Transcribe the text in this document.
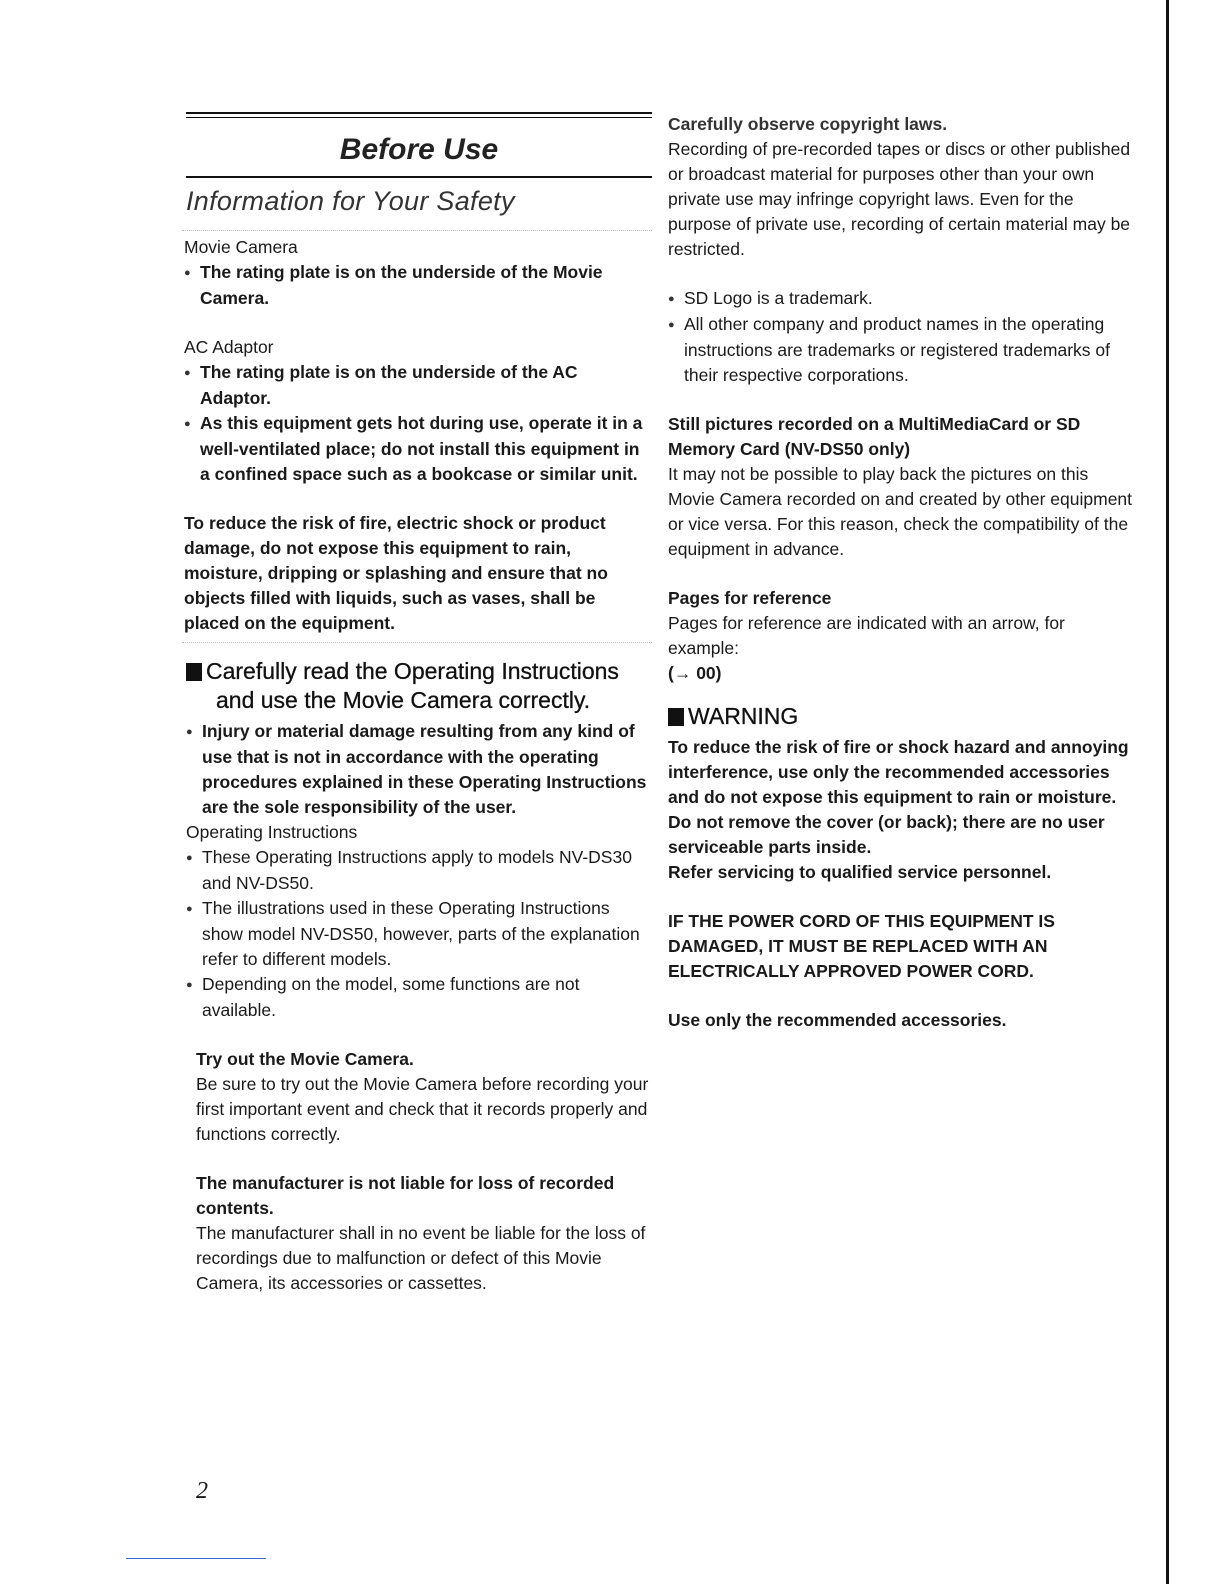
Before Use
Information for Your Safety

Movie Camera

● The rating plate is on the underside of the Movie Camera.

AC Adaptor

● The rating plate is on the underside of the AC Adaptor.

● As this equipment gets hot during use, operate it in a well-ventilated place; do not install this equipment in a confined space such as a bookcase or similar unit.

To reduce the risk of fire, electric shock or product damage, do not expose this equipment to rain, moisture, dripping or splashing and ensure that no objects filled with liquids, such as vases, shall be placed on the equipment.

Carefully read the Operating Instructions and use the Movie Camera correctly.

● Injury or material damage resulting from any kind of use that is not in accordance with the operating procedures explained in these Operating Instructions are the sole responsibility of the user.

Operating Instructions

● These Operating Instructions apply to models NV-DS30 and NV-DS50.

● The illustrations used in these Operating Instructions show model NV-DS50, however, parts of the explanation refer to different models.

● Depending on the model, some functions are not available.

Try out the Movie Camera.

Be sure to try out the Movie Camera before recording your first important event and check that it records properly and functions correctly.

The manufacturer is not liable for loss of recorded contents.

The manufacturer shall in no event be liable for the loss of recordings due to malfunction or defect of this Movie Camera, its accessories or cassettes.

Carefully observe copyright laws.

Recording of pre-recorded tapes or discs or other published or broadcast material for purposes other than your own private use may infringe copyright laws. Even for the purpose of private use, recording of certain material may be restricted.

● SD Logo is a trademark.

● All other company and product names in the operating instructions are trademarks or registered trademarks of their respective corporations.

Still pictures recorded on a MultiMediaCard or SD Memory Card (NV-DS50 only)

It may not be possible to play back the pictures on this Movie Camera recorded on and created by other equipment or vice versa. For this reason, check the compatibility of the equipment in advance.

Pages for reference

Pages for reference are indicated with an arrow, for example:

(→ 00)

WARNING

To reduce the risk of fire or shock hazard and annoying interference, use only the recommended accessories and do not expose this equipment to rain or moisture.

Do not remove the cover (or back); there are no user serviceable parts inside.

Refer servicing to qualified service personnel.

IF THE POWER CORD OF THIS EQUIPMENT IS DAMAGED, IT MUST BE REPLACED WITH AN ELECTRICALLY APPROVED POWER CORD.

Use only the recommended accessories.

2
